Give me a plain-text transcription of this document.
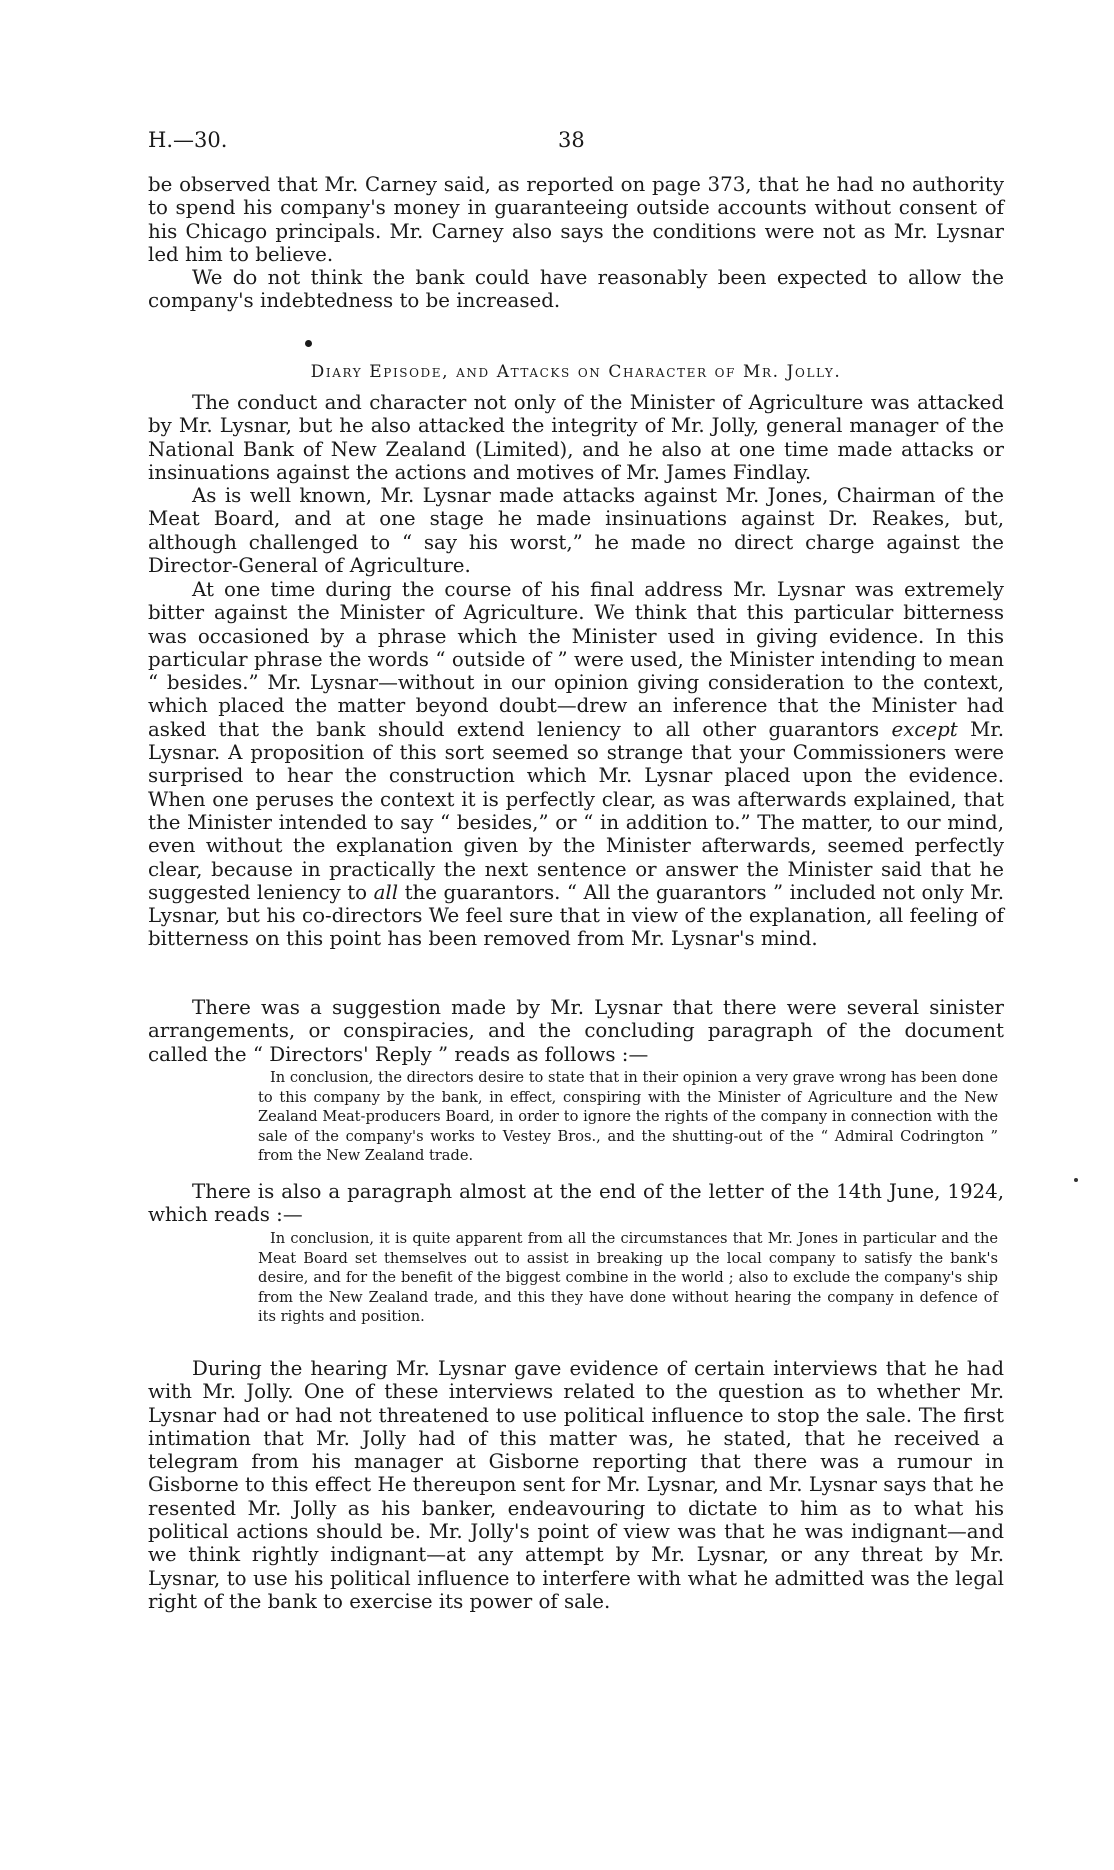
H.—30.	38

be observed that Mr. Carney said, as reported on page 373, that he had no authority to spend his company's money in guaranteeing outside accounts without consent of his Chicago principals. Mr. Carney also says the conditions were not as Mr. Lysnar led him to believe.

We do not think the bank could have reasonably been expected to allow the company's indebtedness to be increased.

Diary Episode, and Attacks on Character of Mr. Jolly.

The conduct and character not only of the Minister of Agriculture was attacked by Mr. Lysnar, but he also attacked the integrity of Mr. Jolly, general manager of the National Bank of New Zealand (Limited), and he also at one time made attacks or insinuations against the actions and motives of Mr. James Findlay.

As is well known, Mr. Lysnar made attacks against Mr. Jones, Chairman of the Meat Board, and at one stage he made insinuations against Dr. Reakes, but, although challenged to “ say his worst,” he made no direct charge against the Director-General of Agriculture.

At one time during the course of his final address Mr. Lysnar was extremely bitter against the Minister of Agriculture. We think that this particular bitterness was occasioned by a phrase which the Minister used in giving evidence. In this particular phrase the words “ outside of ” were used, the Minister intending to mean “ besides.” Mr. Lysnar—without in our opinion giving consideration to the context, which placed the matter beyond doubt—drew an inference that the Minister had asked that the bank should extend leniency to all other guarantors except Mr. Lysnar. A proposition of this sort seemed so strange that your Commissioners were surprised to hear the construction which Mr. Lysnar placed upon the evidence. When one peruses the context it is perfectly clear, as was afterwards explained, that the Minister intended to say “ besides,” or “ in addition to.” The matter, to our mind, even without the explanation given by the Minister afterwards, seemed perfectly clear, because in practically the next sentence or answer the Minister said that he suggested leniency to all the guarantors. “ All the guarantors ” included not only Mr. Lysnar, but his co-directors We feel sure that in view of the explanation, all feeling of bitterness on this point has been removed from Mr. Lysnar's mind.

There was a suggestion made by Mr. Lysnar that there were several sinister arrangements, or conspiracies, and the concluding paragraph of the document called the “ Directors' Reply ” reads as follows :—

In conclusion, the directors desire to state that in their opinion a very grave wrong has been done to this company by the bank, in effect, conspiring with the Minister of Agriculture and the New Zealand Meat-producers Board, in order to ignore the rights of the company in connection with the sale of the company's works to Vestey Bros., and the shutting-out of the “ Admiral Codrington ” from the New Zealand trade.

There is also a paragraph almost at the end of the letter of the 14th June, 1924, which reads :—

In conclusion, it is quite apparent from all the circumstances that Mr. Jones in particular and the Meat Board set themselves out to assist in breaking up the local company to satisfy the bank's desire, and for the benefit of the biggest combine in the world ; also to exclude the company's ship from the New Zealand trade, and this they have done without hearing the company in defence of its rights and position.

During the hearing Mr. Lysnar gave evidence of certain interviews that he had with Mr. Jolly. One of these interviews related to the question as to whether Mr. Lysnar had or had not threatened to use political influence to stop the sale. The first intimation that Mr. Jolly had of this matter was, he stated, that he received a telegram from his manager at Gisborne reporting that there was a rumour in Gisborne to this effect He thereupon sent for Mr. Lysnar, and Mr. Lysnar says that he resented Mr. Jolly as his banker, endeavouring to dictate to him as to what his political actions should be. Mr. Jolly's point of view was that he was indignant—and we think rightly indignant—at any attempt by Mr. Lysnar, or any threat by Mr. Lysnar, to use his political influence to interfere with what he admitted was the legal right of the bank to exercise its power of sale.
